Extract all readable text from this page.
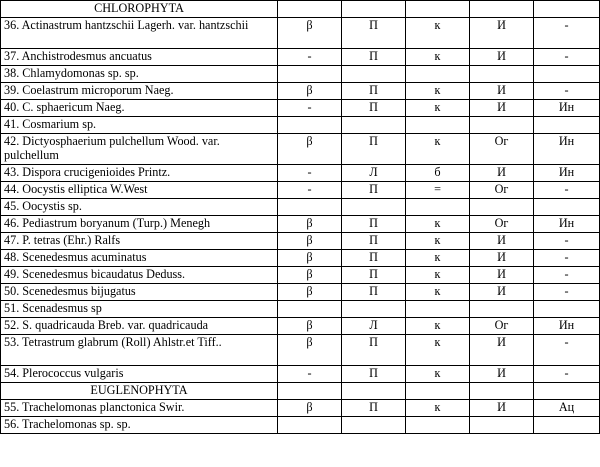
CHLOROPHYTA					
36. Actinastrum hantzschii Lagerh. var. hantzschii	β	П	к	И	-
37. Anchistrodesmus ancuatus	-	П	к	И	-
38. Chlamydomonas sp. sp.					
39. Coelastrum microporum Naeg.	β	П	к	И	-
40. C. sphaericum Naeg.	-	П	к	И	Ин
41. Cosmarium sp.					
42. Dictyosphaerium pulchellum Wood. var. pulchellum	β	П	к	Ог	Ин
43. Dispora crucigenioides Printz.	-	Л	б	И	Ин
44. Oocystis elliptica W.West	-	П	=	Ог	-
45. Oocystis sp.					
46. Pediastrum boryanum (Turp.) Menegh	β	П	к	Ог	Ин
47. P. tetras (Ehr.) Ralfs	β	П	к	И	-
48. Scenedesmus acuminatus	β	П	к	И	-
49. Scenedesmus bicaudatus Deduss.	β	П	к	И	-
50. Scenedesmus bijugatus	β	П	к	И	-
51. Scenadesmus sp					
52. S. quadricauda Breb. var. quadricauda	β	Л	к	Ог	Ин
53. Tetrastrum glabrum (Roll) Ahlstr.et Tiff..	β	П	к	И	-
54. Plerococcus vulgaris	-	П	к	И	-
EUGLENOPHYTA					
55. Trachelomonas planctonica Swir.	β	П	к	И	Ац
56. Trachelomonas sp. sp.					
